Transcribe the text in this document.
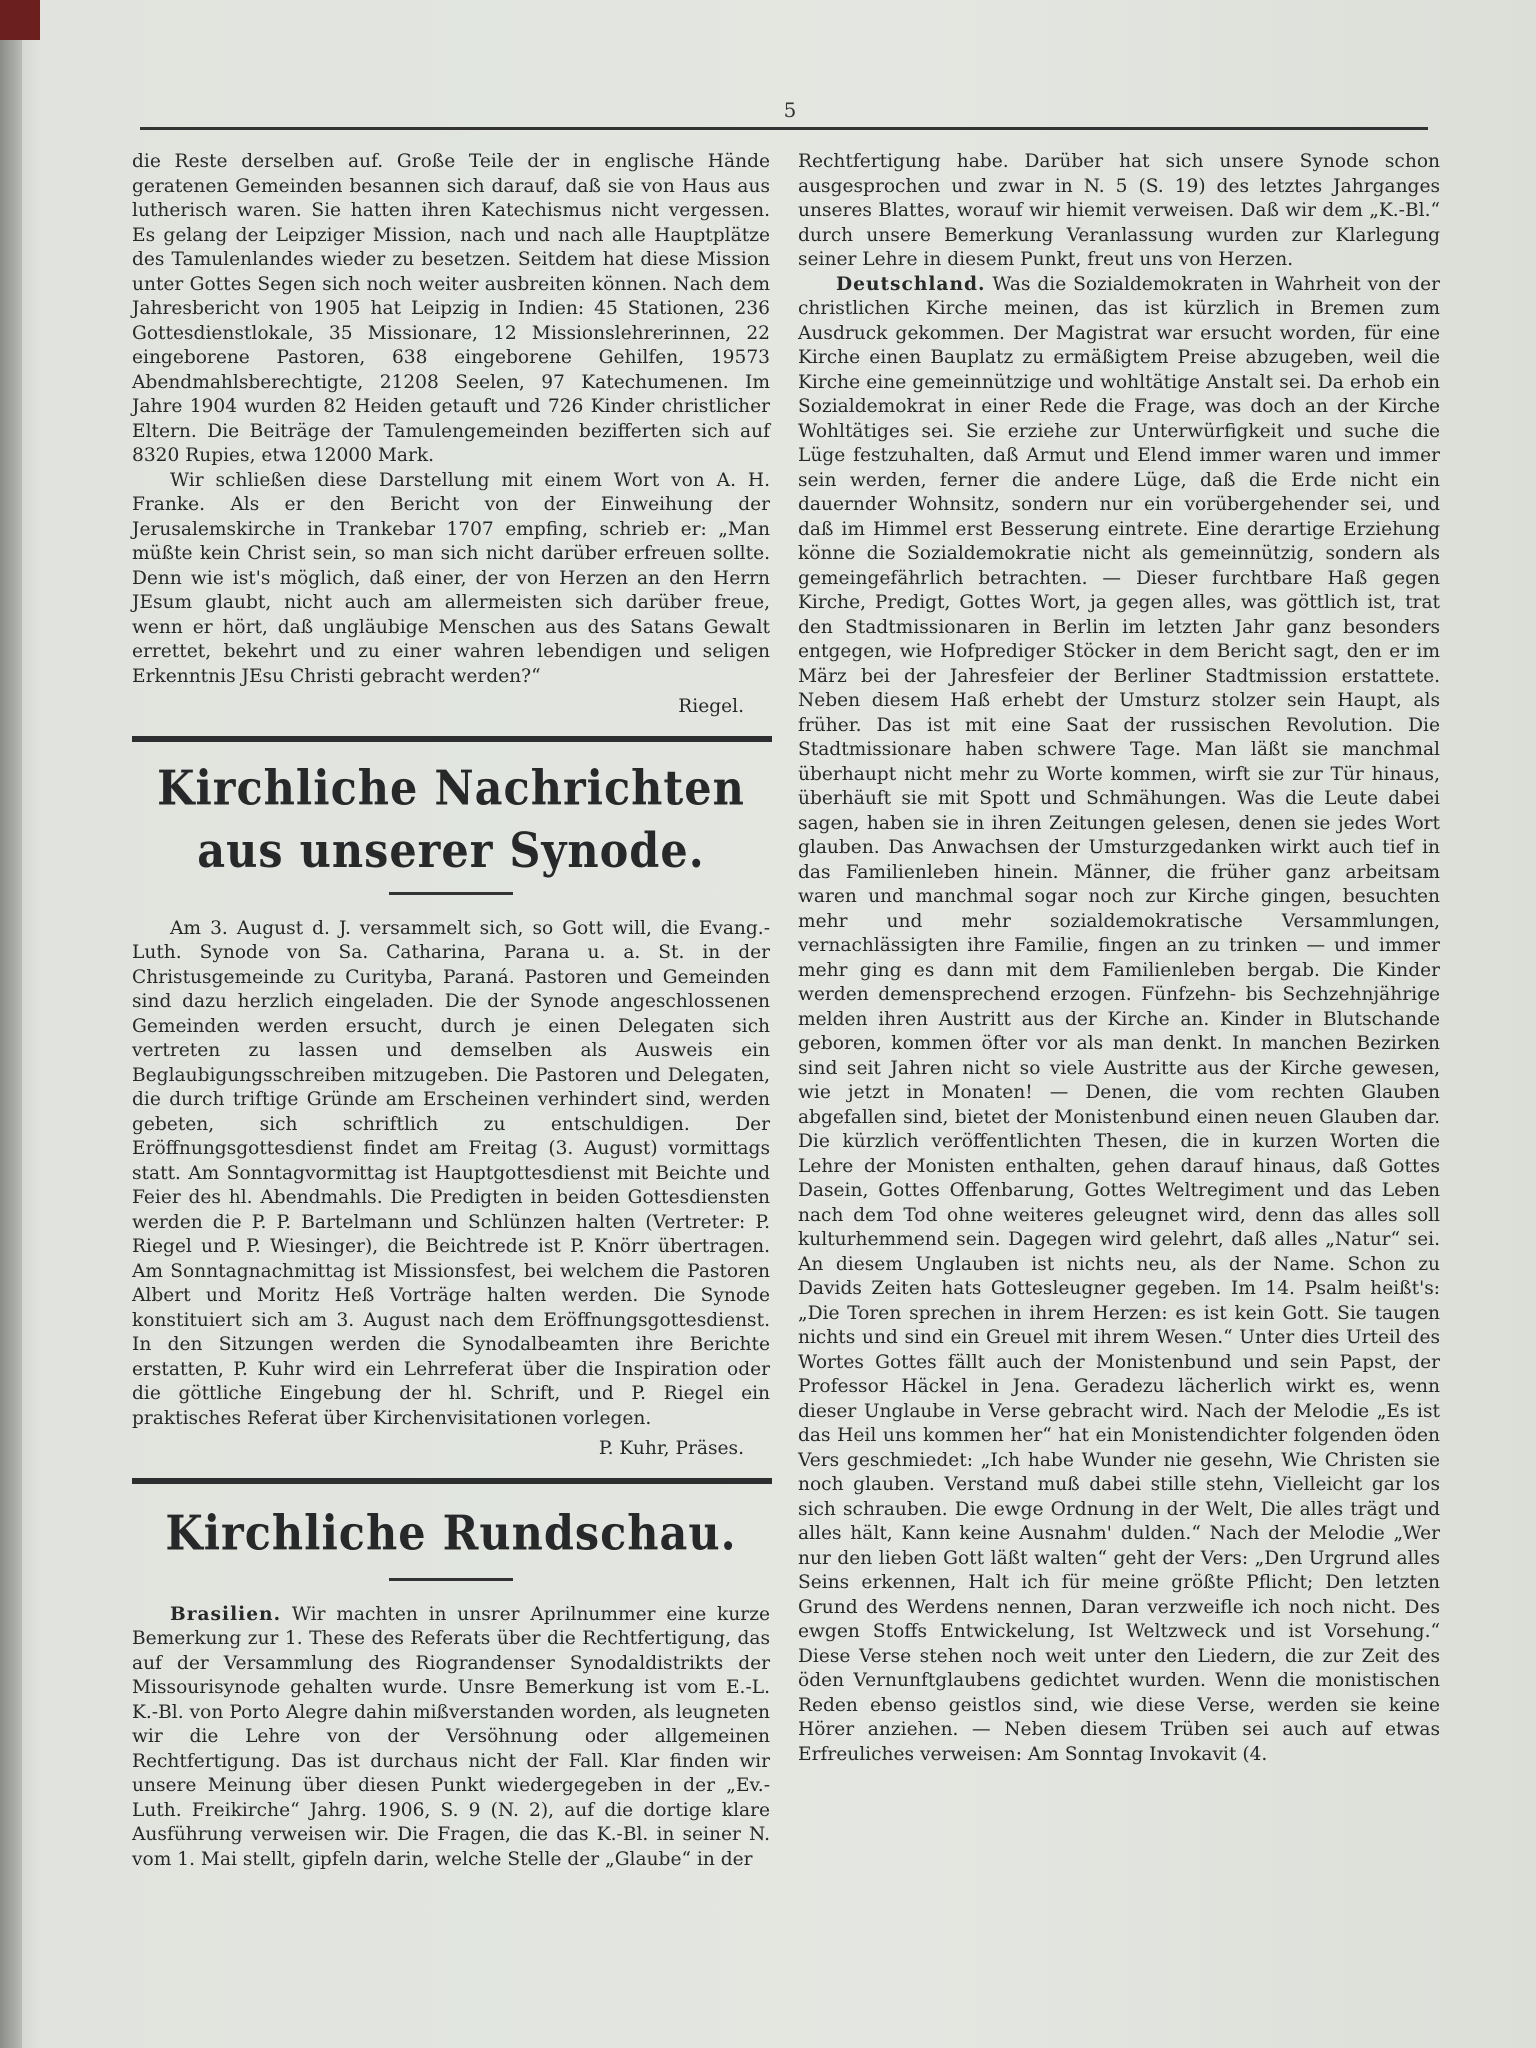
5

die Reste derselben auf. Große Teile der in englische Hände geratenen Gemeinden besannen sich darauf, daß sie von Haus aus lutherisch waren. Sie hatten ihren Katechismus nicht vergessen. Es gelang der Leipziger Mission, nach und nach alle Hauptplätze des Tamulenlandes wieder zu besetzen. Seitdem hat diese Mission unter Gottes Segen sich noch weiter ausbreiten können. Nach dem Jahresbericht von 1905 hat Leipzig in Indien: 45 Stationen, 236 Gottesdienstlokale, 35 Missionare, 12 Missionslehrerinnen, 22 eingeborene Pastoren, 638 eingeborene Gehilfen, 19573 Abendmahlsberechtigte, 21208 Seelen, 97 Katechumenen. Im Jahre 1904 wurden 82 Heiden getauft und 726 Kinder christlicher Eltern. Die Beiträge der Tamulengemeinden bezifferten sich auf 8320 Rupies, etwa 12000 Mark.

Wir schließen diese Darstellung mit einem Wort von A. H. Franke. Als er den Bericht von der Einweihung der Jerusalemskirche in Trankebar 1707 empfing, schrieb er: „Man müßte kein Christ sein, so man sich nicht darüber erfreuen sollte. Denn wie ist's möglich, daß einer, der von Herzen an den Herrn JEsum glaubt, nicht auch am allermeisten sich darüber freue, wenn er hört, daß ungläubige Menschen aus des Satans Gewalt errettet, bekehrt und zu einer wahren lebendigen und seligen Erkenntnis JEsu Christi gebracht werden?“

Riegel.
Kirchliche Nachrichten aus unserer Synode.

Am 3. August d. J. versammelt sich, so Gott will, die Evang.-Luth. Synode von Sa. Catharina, Parana u. a. St. in der Christusgemeinde zu Curityba, Paraná. Pastoren und Gemeinden sind dazu herzlich eingeladen. Die der Synode angeschlossenen Gemeinden werden ersucht, durch je einen Delegaten sich vertreten zu lassen und demselben als Ausweis ein Beglaubigungsschreiben mitzugeben. Die Pastoren und Delegaten, die durch triftige Gründe am Erscheinen verhindert sind, werden gebeten, sich schriftlich zu entschuldigen. Der Eröffnungsgottesdienst findet am Freitag (3. August) vormittags statt. Am Sonntagvormittag ist Hauptgottesdienst mit Beichte und Feier des hl. Abendmahls. Die Predigten in beiden Gottesdiensten werden die P. P. Bartelmann und Schlünzen halten (Vertreter: P. Riegel und P. Wiesinger), die Beichtrede ist P. Knörr übertragen. Am Sonntagnachmittag ist Missionsfest, bei welchem die Pastoren Albert und Moritz Heß Vorträge halten werden. Die Synode konstituiert sich am 3. August nach dem Eröffnungsgottesdienst. In den Sitzungen werden die Synodalbeamten ihre Berichte erstatten, P. Kuhr wird ein Lehrreferat über die Inspiration oder die göttliche Eingebung der hl. Schrift, und P. Riegel ein praktisches Referat über Kirchenvisitationen vorlegen.

P. Kuhr, Präses.
Kirchliche Rundschau.

Brasilien. Wir machten in unsrer Aprilnummer eine kurze Bemerkung zur 1. These des Referats über die Rechtfertigung, das auf der Versammlung des Riograndenser Synodaldistrikts der Missourisynode gehalten wurde. Unsre Bemerkung ist vom E.-L. K.-Bl. von Porto Alegre dahin mißverstanden worden, als leugneten wir die Lehre von der Versöhnung oder allgemeinen Rechtfertigung. Das ist durchaus nicht der Fall. Klar finden wir unsere Meinung über diesen Punkt wiedergegeben in der „Ev.-Luth. Freikirche“ Jahrg. 1906, S. 9 (N. 2), auf die dortige klare Ausführung verweisen wir. Die Fragen, die das K.-Bl. in seiner N. vom 1. Mai stellt, gipfeln darin, welche Stelle der „Glaube“ in der

Rechtfertigung habe. Darüber hat sich unsere Synode schon ausgesprochen und zwar in N. 5 (S. 19) des letztes Jahrganges unseres Blattes, worauf wir hiemit verweisen. Daß wir dem „K.-Bl.“ durch unsere Bemerkung Veranlassung wurden zur Klarlegung seiner Lehre in diesem Punkt, freut uns von Herzen.

Deutschland. Was die Sozialdemokraten in Wahrheit von der christlichen Kirche meinen, das ist kürzlich in Bremen zum Ausdruck gekommen. Der Magistrat war ersucht worden, für eine Kirche einen Bauplatz zu ermäßigtem Preise abzugeben, weil die Kirche eine gemeinnützige und wohltätige Anstalt sei. Da erhob ein Sozialdemokrat in einer Rede die Frage, was doch an der Kirche Wohltätiges sei. Sie erziehe zur Unterwürfigkeit und suche die Lüge festzuhalten, daß Armut und Elend immer waren und immer sein werden, ferner die andere Lüge, daß die Erde nicht ein dauernder Wohnsitz, sondern nur ein vorübergehender sei, und daß im Himmel erst Besserung eintrete. Eine derartige Erziehung könne die Sozialdemokratie nicht als gemeinnützig, sondern als gemeingefährlich betrachten. — Dieser furchtbare Haß gegen Kirche, Predigt, Gottes Wort, ja gegen alles, was göttlich ist, trat den Stadtmissionaren in Berlin im letzten Jahr ganz besonders entgegen, wie Hofprediger Stöcker in dem Bericht sagt, den er im März bei der Jahresfeier der Berliner Stadtmission erstattete. Neben diesem Haß erhebt der Umsturz stolzer sein Haupt, als früher. Das ist mit eine Saat der russischen Revolution. Die Stadtmissionare haben schwere Tage. Man läßt sie manchmal überhaupt nicht mehr zu Worte kommen, wirft sie zur Tür hinaus, überhäuft sie mit Spott und Schmähungen. Was die Leute dabei sagen, haben sie in ihren Zeitungen gelesen, denen sie jedes Wort glauben. Das Anwachsen der Umsturzgedanken wirkt auch tief in das Familienleben hinein. Männer, die früher ganz arbeitsam waren und manchmal sogar noch zur Kirche gingen, besuchten mehr und mehr sozialdemokratische Versammlungen, vernachlässigten ihre Familie, fingen an zu trinken — und immer mehr ging es dann mit dem Familienleben bergab. Die Kinder werden demensprechend erzogen. Fünfzehn- bis Sechzehnjährige melden ihren Austritt aus der Kirche an. Kinder in Blutschande geboren, kommen öfter vor als man denkt. In manchen Bezirken sind seit Jahren nicht so viele Austritte aus der Kirche gewesen, wie jetzt in Monaten! — Denen, die vom rechten Glauben abgefallen sind, bietet der Monistenbund einen neuen Glauben dar. Die kürzlich veröffentlichten Thesen, die in kurzen Worten die Lehre der Monisten enthalten, gehen darauf hinaus, daß Gottes Dasein, Gottes Offenbarung, Gottes Weltregiment und das Leben nach dem Tod ohne weiteres geleugnet wird, denn das alles soll kulturhemmend sein. Dagegen wird gelehrt, daß alles „Natur“ sei. An diesem Unglauben ist nichts neu, als der Name. Schon zu Davids Zeiten hats Gottesleugner gegeben. Im 14. Psalm heißt's: „Die Toren sprechen in ihrem Herzen: es ist kein Gott. Sie taugen nichts und sind ein Greuel mit ihrem Wesen.“ Unter dies Urteil des Wortes Gottes fällt auch der Monistenbund und sein Papst, der Professor Häckel in Jena. Geradezu lächerlich wirkt es, wenn dieser Unglaube in Verse gebracht wird. Nach der Melodie „Es ist das Heil uns kommen her“ hat ein Monistendichter folgenden öden Vers geschmiedet: „Ich habe Wunder nie gesehn, Wie Christen sie noch glauben. Verstand muß dabei stille stehn, Vielleicht gar los sich schrauben. Die ewge Ordnung in der Welt, Die alles trägt und alles hält, Kann keine Ausnahm' dulden.“ Nach der Melodie „Wer nur den lieben Gott läßt walten“ geht der Vers: „Den Urgrund alles Seins erkennen, Halt ich für meine größte Pflicht; Den letzten Grund des Werdens nennen, Daran verzweifle ich noch nicht. Des ewgen Stoffs Entwickelung, Ist Weltzweck und ist Vorsehung.“ Diese Verse stehen noch weit unter den Liedern, die zur Zeit des öden Vernunftglaubens gedichtet wurden. Wenn die monistischen Reden ebenso geistlos sind, wie diese Verse, werden sie keine Hörer anziehen. — Neben diesem Trüben sei auch auf etwas Erfreuliches verweisen: Am Sonntag Invokavit (4.
